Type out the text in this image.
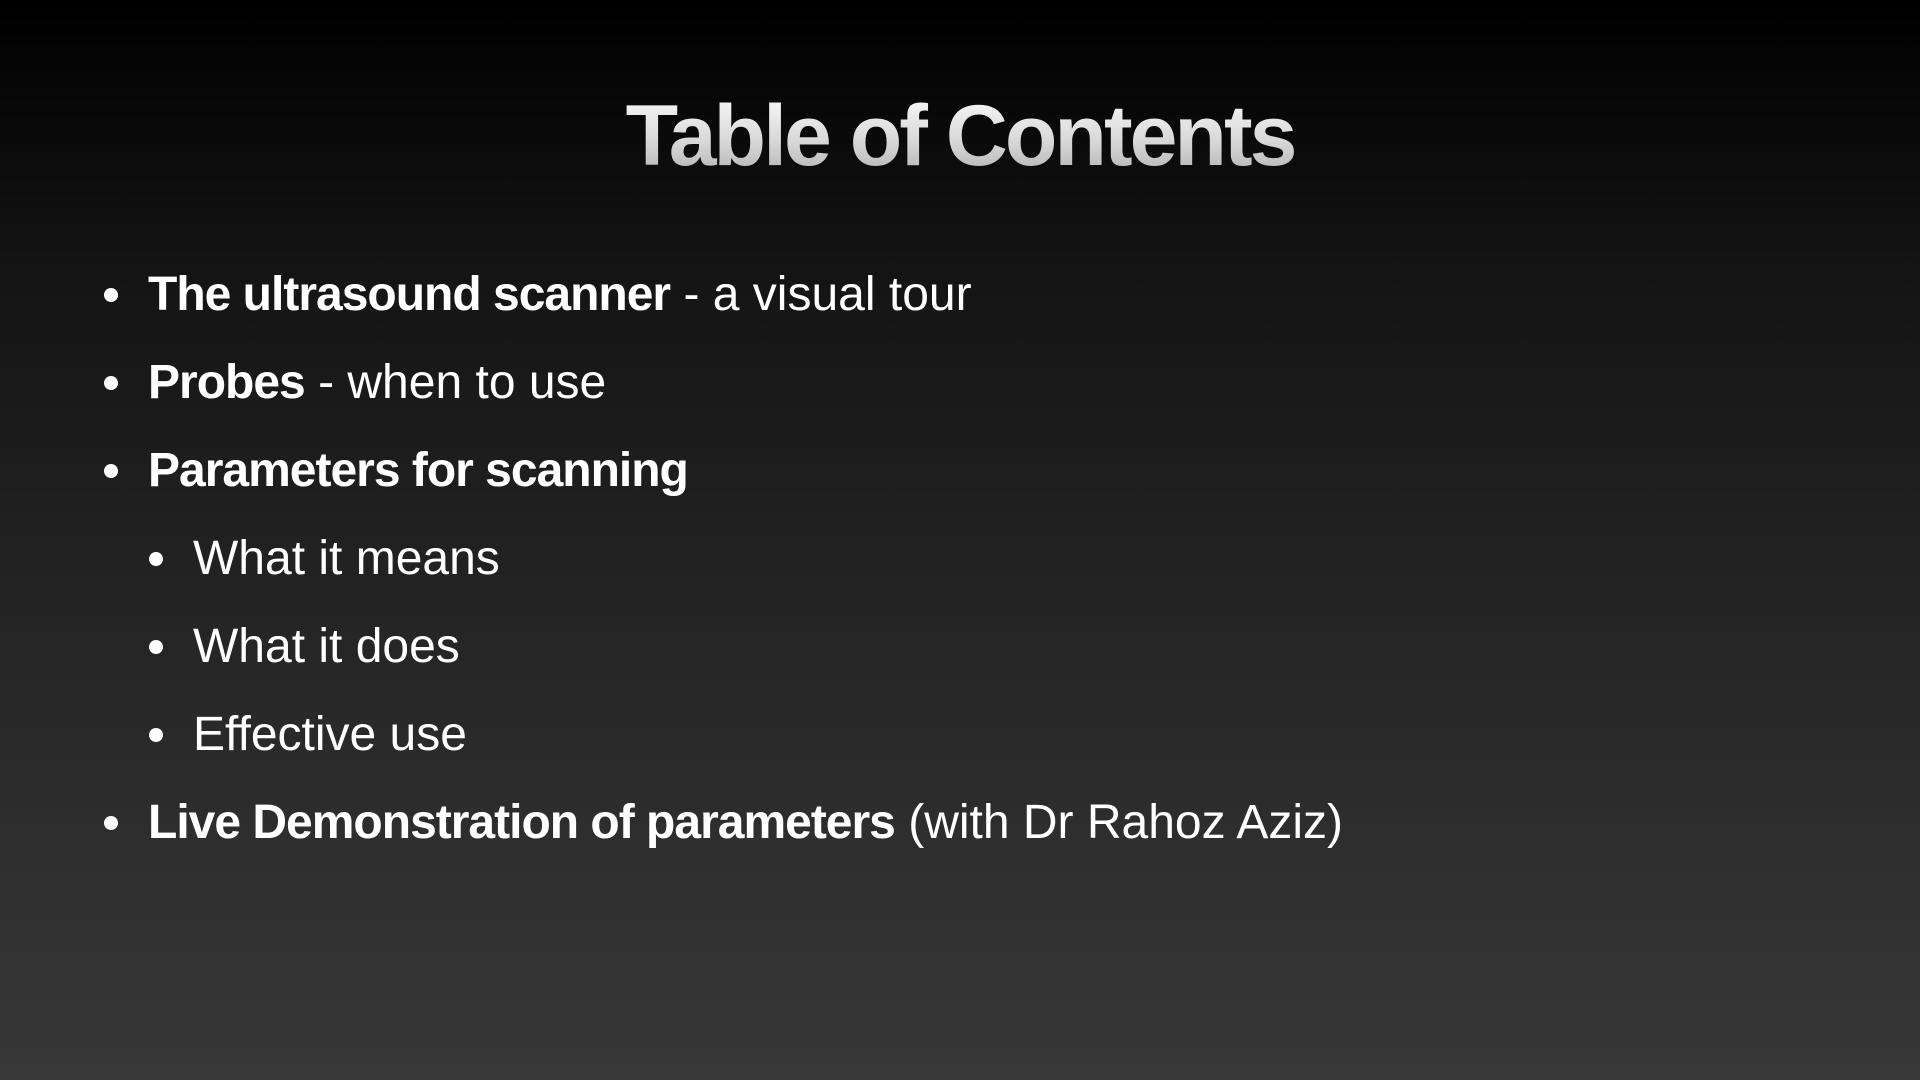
Table of Contents
The ultrasound scanner - a visual tour
Probes - when to use
Parameters for scanning
What it means
What it does
Effective use
Live Demonstration of parameters (with Dr Rahoz Aziz)
